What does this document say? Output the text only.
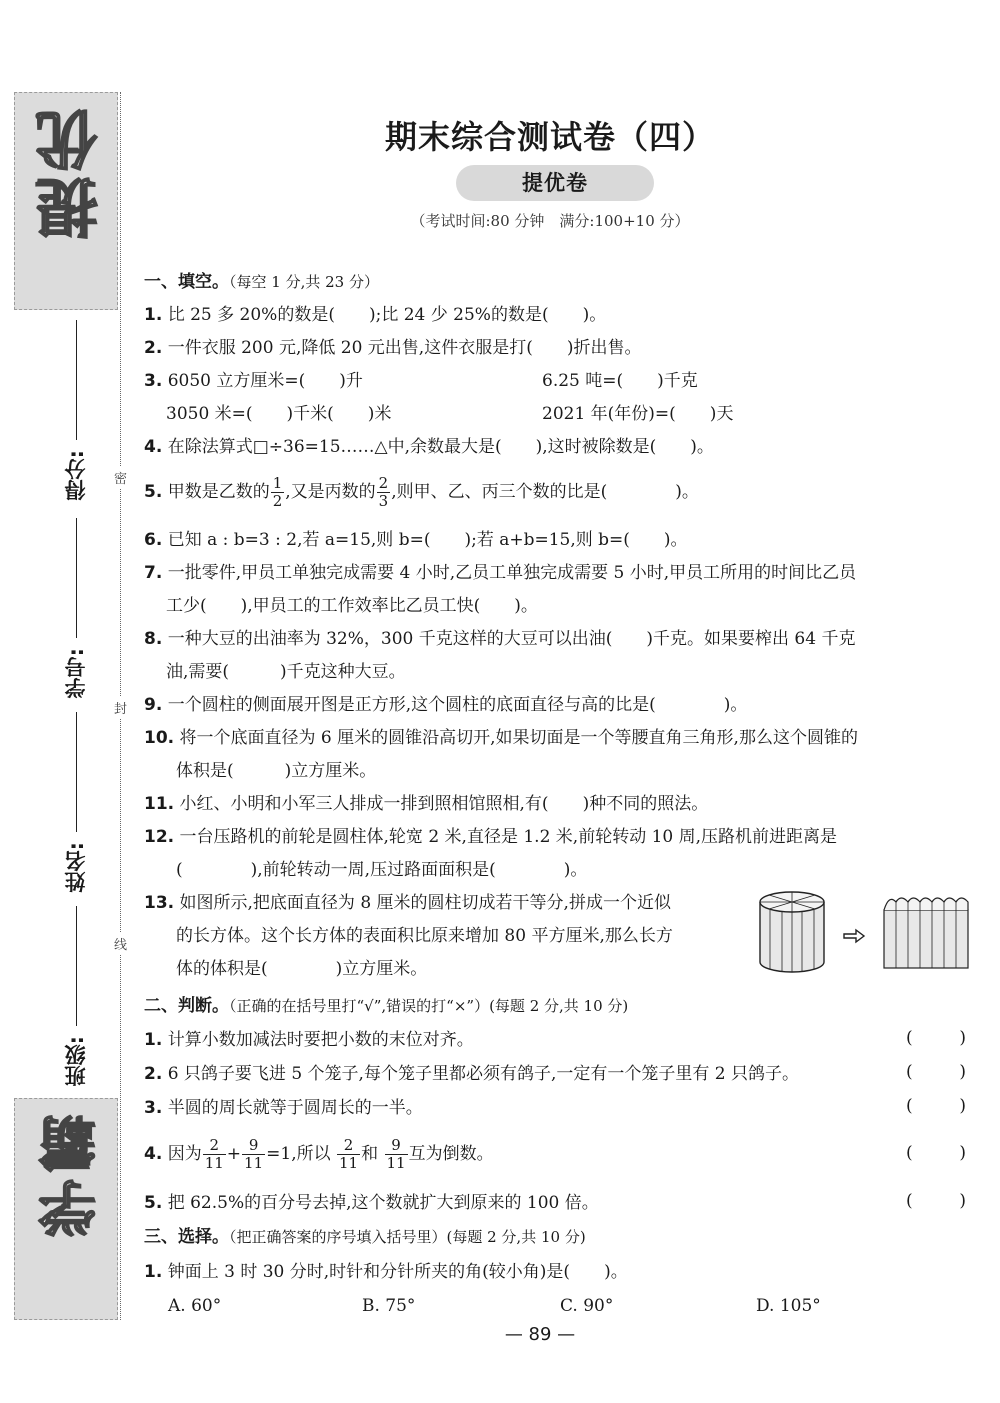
提优
学霸
密
封
线
得分:
学号:
姓名:
班级:
期末综合测试卷（四）
提优卷
（考试时间:80 分钟　满分:100+10 分）
一、填空。（每空 1 分,共 23 分）
1. 比 25 多 20%的数是(　　);比 24 少 25%的数是(　　)。
2. 一件衣服 200 元,降低 20 元出售,这件衣服是打(　　)折出售。
3. 6050 立方厘米=(　　)升	6.25 吨=(　　)千克
3050 米=(　　)千米(　　)米	2021 年(年份)=(　　)天
4. 在除法算式□÷36=15……△中,余数最大是(　　),这时被除数是(　　)。
5. 甲数是乙数的 $\frac{1}{2}$ ,又是丙数的 $\frac{2}{3}$ ,则甲、乙、丙三个数的比是(　　　　)。
6. 已知 a : b=3 : 2,若 a=15,则 b=(　　);若 a+b=15,则 b=(　　)。
7. 一批零件,甲员工单独完成需要 4 小时,乙员工单独完成需要 5 小时,甲员工所用的时间比乙员
工少(　　),甲员工的工作效率比乙员工快(　　)。
8. 一种大豆的出油率为 32%，300 千克这样的大豆可以出油(　　)千克。如果要榨出 64 千克
油,需要(　　　)千克这种大豆。
9. 一个圆柱的侧面展开图是正方形,这个圆柱的底面直径与高的比是(　　　　)。
10. 将一个底面直径为 6 厘米的圆锥沿高切开,如果切面是一个等腰直角三角形,那么这个圆锥的
体积是(　　　)立方厘米。
11. 小红、小明和小军三人排成一排到照相馆照相,有(　　)种不同的照法。
12. 一台压路机的前轮是圆柱体,轮宽 2 米,直径是 1.2 米,前轮转动 10 周,压路机前进距离是
(　　　　),前轮转动一周,压过路面面积是(　　　　)。
13. 如图所示,把底面直径为 8 厘米的圆柱切成若干等分,拼成一个近似
的长方体。这个长方体的表面积比原来增加 80 平方厘米,那么长方
体的体积是(　　　　)立方厘米。
二、判断。（正确的在括号里打“√”,错误的打“×”）(每题 2 分,共 10 分)
1. 计算小数加减法时要把小数的末位对齐。	(	)
2. 6 只鸽子要飞进 5 个笼子,每个笼子里都必须有鸽子,一定有一个笼子里有 2 只鸽子。	(	)
3. 半圆的周长就等于圆周长的一半。	(	)
4. 因为 $\frac{2}{11} + \frac{9}{11} =1$,所以 $\frac{2}{11}$ 和 $\frac{9}{11}$ 互为倒数。	(	)
5. 把 62.5%的百分号去掉,这个数就扩大到原来的 100 倍。	(	)
三、选择。（把正确答案的序号填入括号里）(每题 2 分,共 10 分)
1. 钟面上 3 时 30 分时,时针和分针所夹的角(较小角)是(　　)。
A. 60°	B. 75°	C. 90°	D. 105°
— 89 —
